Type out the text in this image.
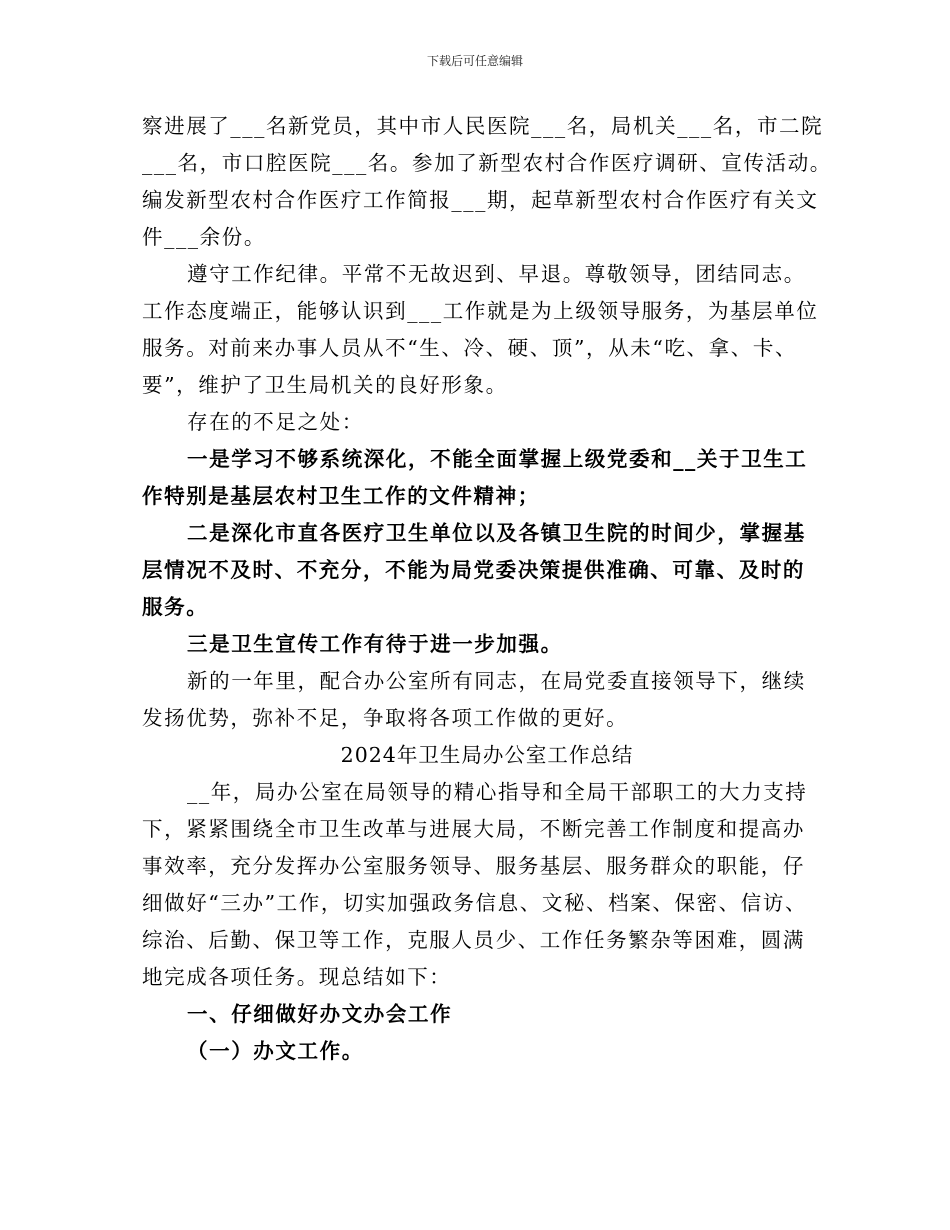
下载后可任意编辑

察进展了___名新党员，其中市人民医院___名，局机关___名，市二院

___名，市口腔医院___名。参加了新型农村合作医疗调研、宣传活动。

编发新型农村合作医疗工作简报___期，起草新型农村合作医疗有关文

件___余份。

遵守工作纪律。平常不无故迟到、早退。尊敬领导，团结同志。

工作态度端正，能够认识到___工作就是为上级领导服务，为基层单位

服务。对前来办事人员从不“生、冷、硬、顶”，从未“吃、拿、卡、

要”，维护了卫生局机关的良好形象。

存在的不足之处：

一是学习不够系统深化，不能全面掌握上级党委和__关于卫生工

作特别是基层农村卫生工作的文件精神；

二是深化市直各医疗卫生单位以及各镇卫生院的时间少，掌握基

层情况不及时、不充分，不能为局党委决策提供准确、可靠、及时的

服务。

三是卫生宣传工作有待于进一步加强。

新的一年里，配合办公室所有同志，在局党委直接领导下，继续

发扬优势，弥补不足，争取将各项工作做的更好。

2024年卫生局办公室工作总结

__年，局办公室在局领导的精心指导和全局干部职工的大力支持

下，紧紧围绕全市卫生改革与进展大局，不断完善工作制度和提高办

事效率，充分发挥办公室服务领导、服务基层、服务群众的职能，仔

细做好“三办”工作，切实加强政务信息、文秘、档案、保密、信访、

综治、后勤、保卫等工作，克服人员少、工作任务繁杂等困难，圆满

地完成各项任务。现总结如下：

一、仔细做好办文办会工作

（一）办文工作。
